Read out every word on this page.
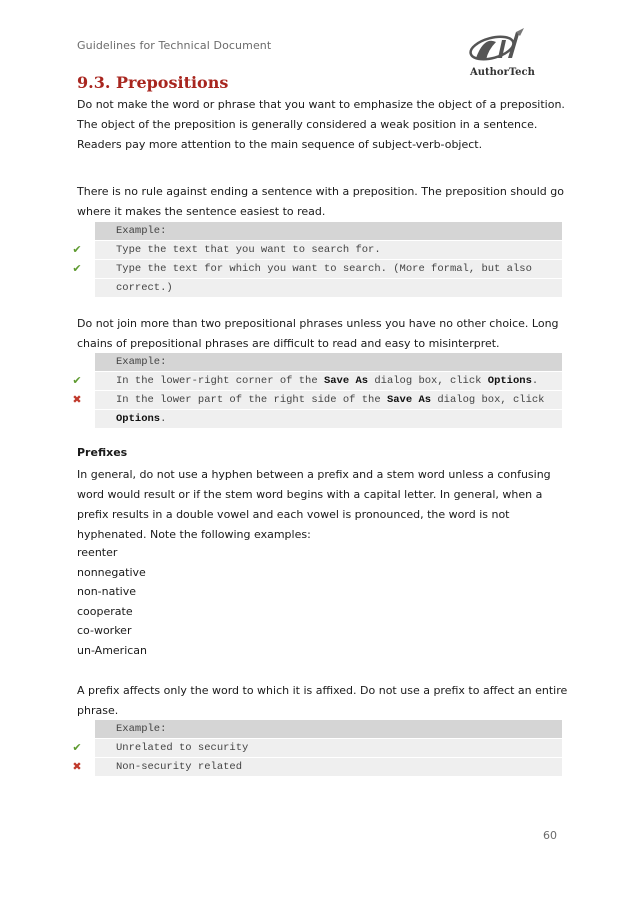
Guidelines for Technical Document
AuthorTech
9.3. Prepositions

Do not make the word or phrase that you want to emphasize the object of a preposition.
The object of the preposition is generally considered a weak position in a sentence.
Readers pay more attention to the main sequence of subject-verb-object.

There is no rule against ending a sentence with a preposition. The preposition should go
where it makes the sentence easiest to read.

Example:
✔	Type the text that you want to search for.
✔	Type the text for which you want to search. (More formal, but also
correct.)

Do not join more than two prepositional phrases unless you have no other choice. Long
chains of prepositional phrases are difficult to read and easy to misinterpret.

Example:
✔	In the lower-right corner of the Save As dialog box, click Options.
✖	In the lower part of the right side of the Save As dialog box, click
Options.
Prefixes

In general, do not use a hyphen between a prefix and a stem word unless a confusing
word would result or if the stem word begins with a capital letter. In general, when a
prefix results in a double vowel and each vowel is pronounced, the word is not
hyphenated. Note the following examples:

reenter
nonnegative
non-native
cooperate
co-worker
un-American

A prefix affects only the word to which it is affixed. Do not use a prefix to affect an entire
phrase.

Example:
✔	Unrelated to security
✖	Non-security related
60
